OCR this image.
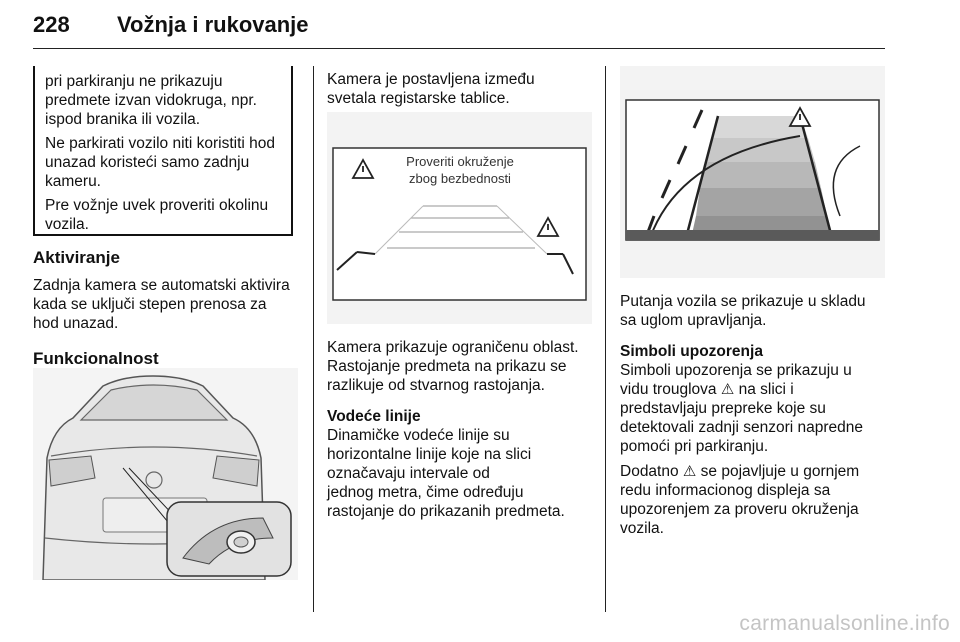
228 Vožnja i rukovanje

pri parkiranju ne prikazuju
predmete izvan vidokruga, npr.
ispod branika ili vozila.

Ne parkirati vozilo niti koristiti hod
unazad koristeći samo zadnju
kameru.

Pre vožnje uvek proveriti okolinu
vozila.

Aktiviranje

Zadnja kamera se automatski aktivira
kada se uključi stepen prenosa za
hod unazad.

Funkcionalnost

Kamera je postavljena između
svetala registarske tablice.

Proveriti okruženje
zbog bezbednosti

Kamera prikazuje ograničenu oblast.
Rastojanje predmeta na prikazu se
razlikuje od stvarnog rastojanja.

Vodeće linije

Dinamičke vodeće linije su
horizontalne linije koje na slici
označavaju intervale od
jednog metra, čime određuju
rastojanje do prikazanih predmeta.

Putanja vozila se prikazuje u skladu
sa uglom upravljanja.

Simboli upozorenja

Simboli upozorenja se prikazuju u
vidu trouglova ⚠ na slici i
predstavljaju prepreke koje su
detektovali zadnji senzori napredne
pomoći pri parkiranju.

Dodatno ⚠ se pojavljuje u gornjem
redu informacionog displeja sa
upozorenjem za proveru okruženja
vozila.

carmanualsonline.info
